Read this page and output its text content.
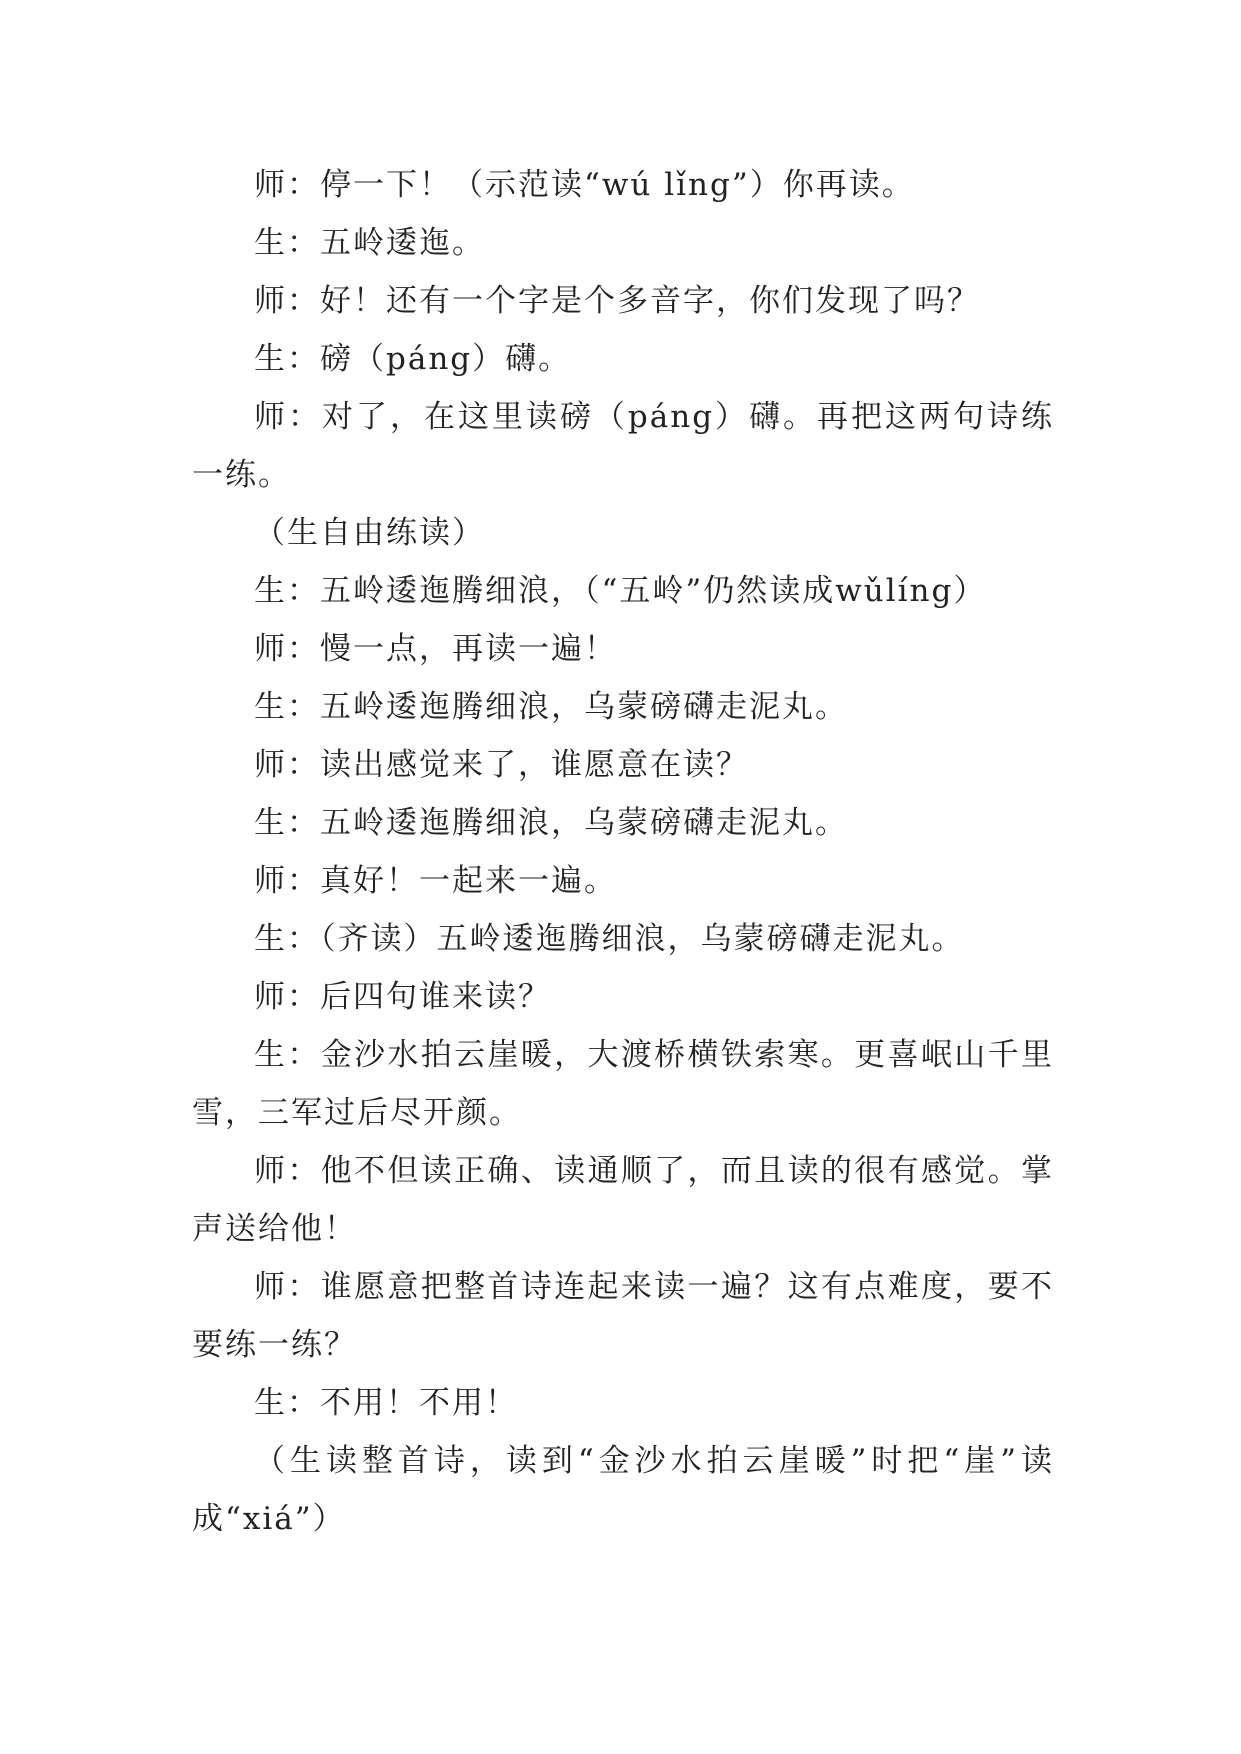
师：停一下！（示范读“wú lǐng”）你再读。

生：五岭逶迤。

师：好！还有一个字是个多音字，你们发现了吗？

生：磅（páng）礴。

师：对了，在这里读磅（páng）礴。再把这两句诗练一练。

（生自由练读）

生：五岭逶迤腾细浪，（“五岭”仍然读成wǔlíng）

师：慢一点，再读一遍！

生：五岭逶迤腾细浪，乌蒙磅礴走泥丸。

师：读出感觉来了，谁愿意在读？

生：五岭逶迤腾细浪，乌蒙磅礴走泥丸。

师：真好！一起来一遍。

生：（齐读）五岭逶迤腾细浪，乌蒙磅礴走泥丸。

师：后四句谁来读？

生：金沙水拍云崖暖，大渡桥横铁索寒。更喜岷山千里雪，三军过后尽开颜。

师：他不但读正确、读通顺了，而且读的很有感觉。掌声送给他！

师：谁愿意把整首诗连起来读一遍？这有点难度，要不要练一练？

生：不用！不用！

（生读整首诗，读到“金沙水拍云崖暖”时把“崖”读成“xiá”）
